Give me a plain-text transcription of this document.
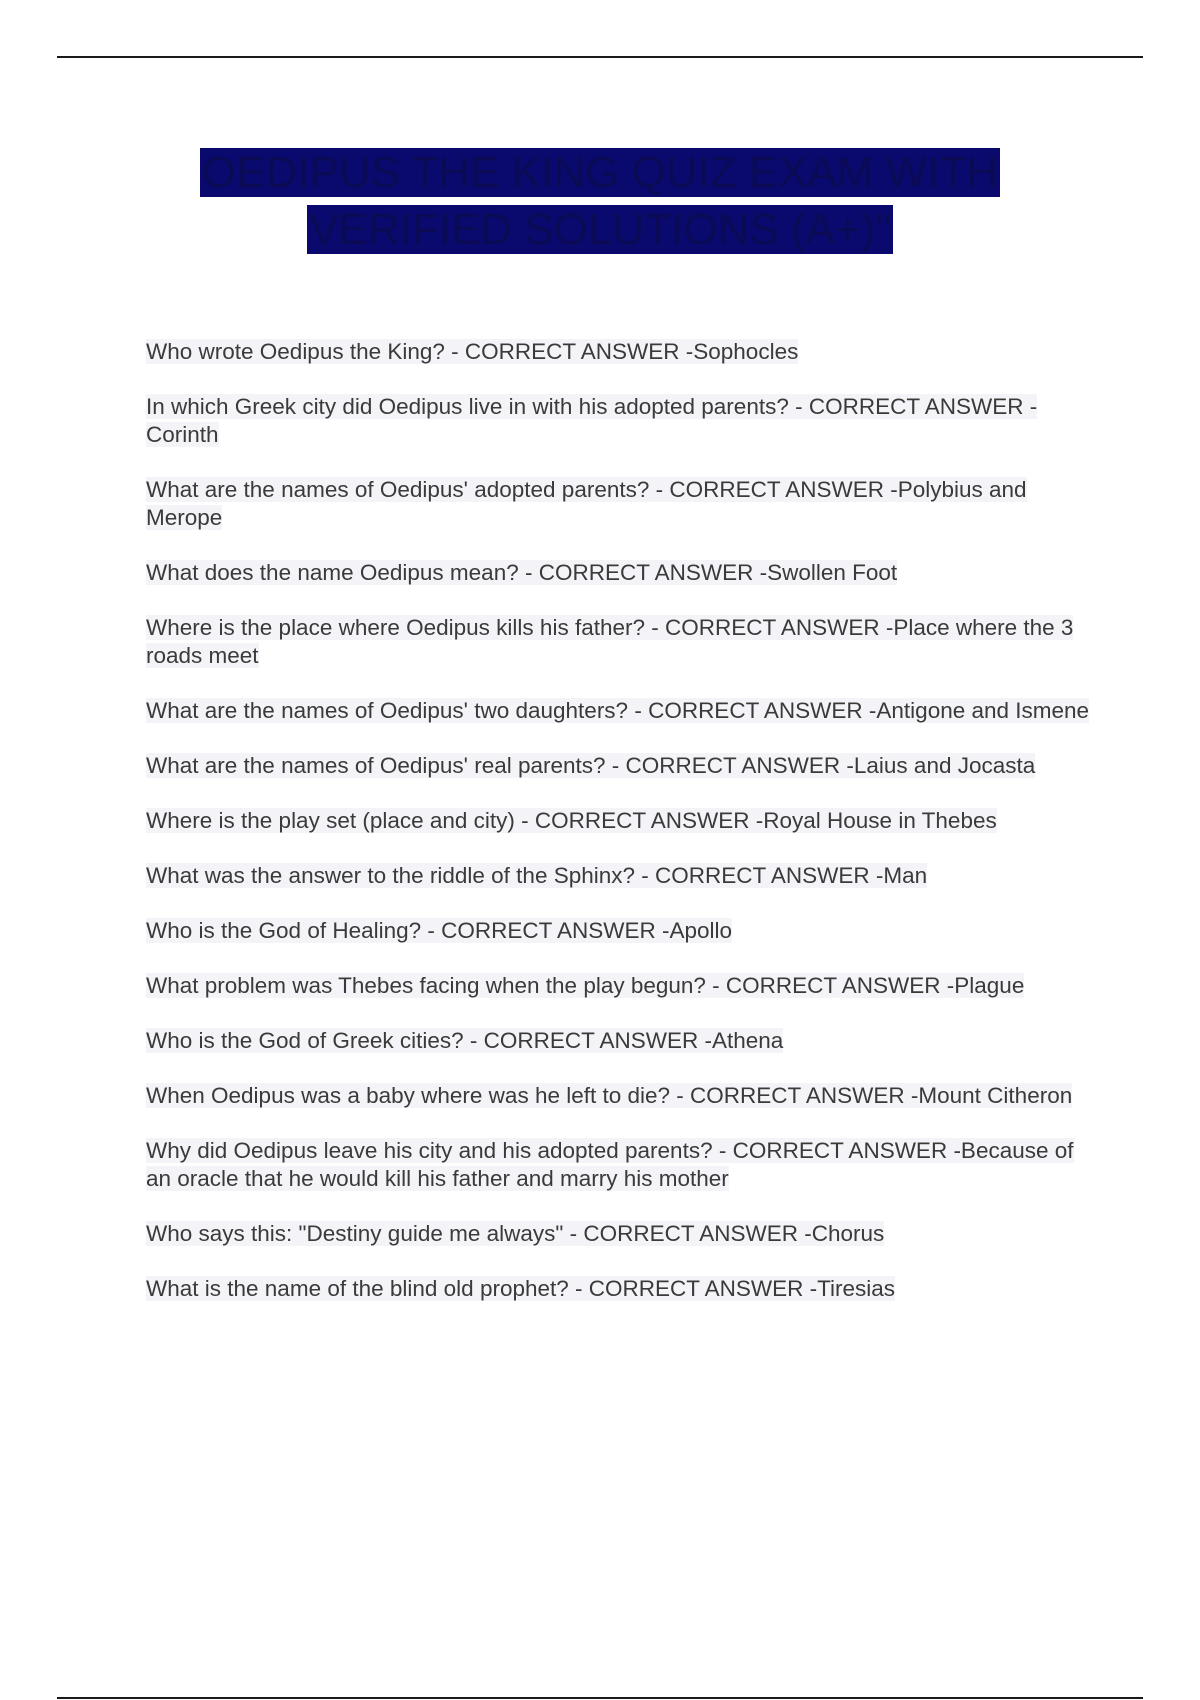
OEDIPUS THE KING QUIZ EXAM WITH VERIFIED SOLUTIONS (A+)"
Who wrote Oedipus the King? - CORRECT ANSWER -Sophocles
In which Greek city did Oedipus live in with his adopted parents? - CORRECT ANSWER -Corinth
What are the names of Oedipus' adopted parents? - CORRECT ANSWER -Polybius and Merope
What does the name Oedipus mean? - CORRECT ANSWER -Swollen Foot
Where is the place where Oedipus kills his father? - CORRECT ANSWER -Place where the 3 roads meet
What are the names of Oedipus' two daughters? - CORRECT ANSWER -Antigone and Ismene
What are the names of Oedipus' real parents? - CORRECT ANSWER -Laius and Jocasta
Where is the play set (place and city) - CORRECT ANSWER -Royal House in Thebes
What was the answer to the riddle of the Sphinx? - CORRECT ANSWER -Man
Who is the God of Healing? - CORRECT ANSWER -Apollo
What problem was Thebes facing when the play begun? - CORRECT ANSWER -Plague
Who is the God of Greek cities? - CORRECT ANSWER -Athena
When Oedipus was a baby where was he left to die? - CORRECT ANSWER -Mount Citheron
Why did Oedipus leave his city and his adopted parents? - CORRECT ANSWER -Because of an oracle that he would kill his father and marry his mother
Who says this: "Destiny guide me always" - CORRECT ANSWER -Chorus
What is the name of the blind old prophet? - CORRECT ANSWER -Tiresias
